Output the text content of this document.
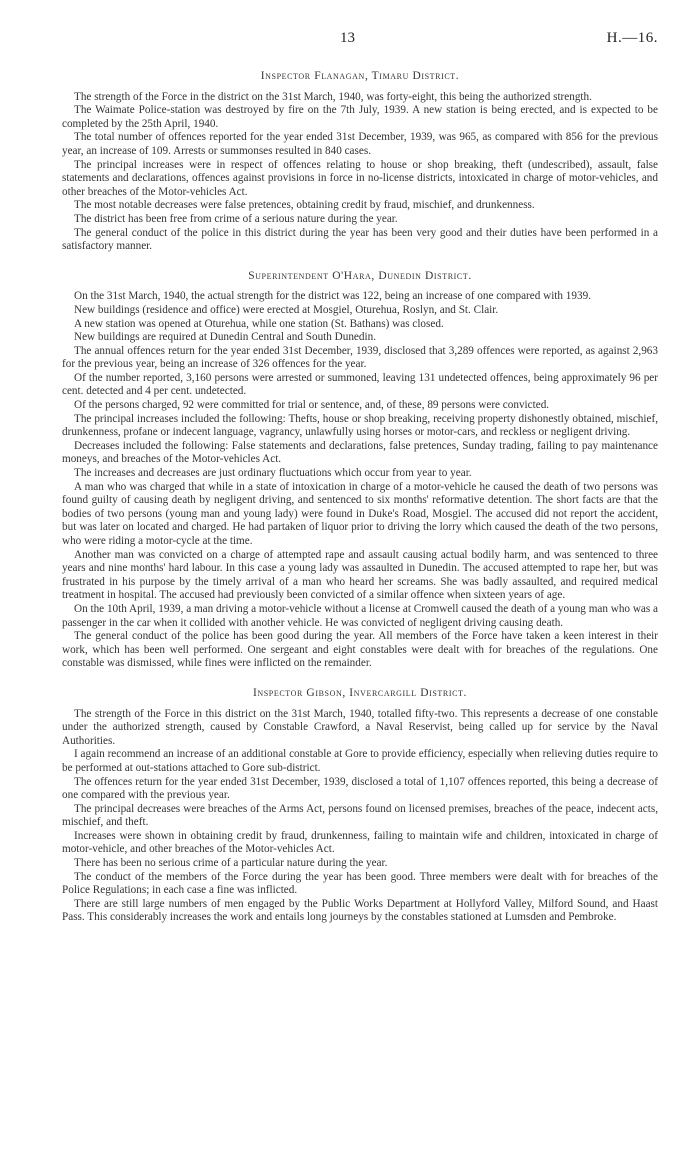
13	H.—16.
Inspector Flanagan, Timaru District.

The strength of the Force in the district on the 31st March, 1940, was forty-eight, this being the authorized strength.

The Waimate Police-station was destroyed by fire on the 7th July, 1939. A new station is being erected, and is expected to be completed by the 25th April, 1940.

The total number of offences reported for the year ended 31st December, 1939, was 965, as compared with 856 for the previous year, an increase of 109. Arrests or summonses resulted in 840 cases.

The principal increases were in respect of offences relating to house or shop breaking, theft (undescribed), assault, false statements and declarations, offences against provisions in force in no-license districts, intoxicated in charge of motor-vehicles, and other breaches of the Motor-vehicles Act.

The most notable decreases were false pretences, obtaining credit by fraud, mischief, and drunkenness.

The district has been free from crime of a serious nature during the year.

The general conduct of the police in this district during the year has been very good and their duties have been performed in a satisfactory manner.

Superintendent O'Hara, Dunedin District.

On the 31st March, 1940, the actual strength for the district was 122, being an increase of one compared with 1939.

New buildings (residence and office) were erected at Mosgiel, Oturehua, Roslyn, and St. Clair.

A new station was opened at Oturehua, while one station (St. Bathans) was closed.

New buildings are required at Dunedin Central and South Dunedin.

The annual offences return for the year ended 31st December, 1939, disclosed that 3,289 offences were reported, as against 2,963 for the previous year, being an increase of 326 offences for the year.

Of the number reported, 3,160 persons were arrested or summoned, leaving 131 undetected offences, being approximately 96 per cent. detected and 4 per cent. undetected.

Of the persons charged, 92 were committed for trial or sentence, and, of these, 89 persons were convicted.

The principal increases included the following: Thefts, house or shop breaking, receiving property dishonestly obtained, mischief, drunkenness, profane or indecent language, vagrancy, unlawfully using horses or motor-cars, and reckless or negligent driving.

Decreases included the following: False statements and declarations, false pretences, Sunday trading, failing to pay maintenance moneys, and breaches of the Motor-vehicles Act.

The increases and decreases are just ordinary fluctuations which occur from year to year.

A man who was charged that while in a state of intoxication in charge of a motor-vehicle he caused the death of two persons was found guilty of causing death by negligent driving, and sentenced to six months' reformative detention. The short facts are that the bodies of two persons (young man and young lady) were found in Duke's Road, Mosgiel. The accused did not report the accident, but was later on located and charged. He had partaken of liquor prior to driving the lorry which caused the death of the two persons, who were riding a motor-cycle at the time.

Another man was convicted on a charge of attempted rape and assault causing actual bodily harm, and was sentenced to three years and nine months' hard labour. In this case a young lady was assaulted in Dunedin. The accused attempted to rape her, but was frustrated in his purpose by the timely arrival of a man who heard her screams. She was badly assaulted, and required medical treatment in hospital. The accused had previously been convicted of a similar offence when sixteen years of age.

On the 10th April, 1939, a man driving a motor-vehicle without a license at Cromwell caused the death of a young man who was a passenger in the car when it collided with another vehicle. He was convicted of negligent driving causing death.

The general conduct of the police has been good during the year. All members of the Force have taken a keen interest in their work, which has been well performed. One sergeant and eight constables were dealt with for breaches of the regulations. One constable was dismissed, while fines were inflicted on the remainder.

Inspector Gibson, Invercargill District.

The strength of the Force in this district on the 31st March, 1940, totalled fifty-two. This represents a decrease of one constable under the authorized strength, caused by Constable Crawford, a Naval Reservist, being called up for service by the Naval Authorities.

I again recommend an increase of an additional constable at Gore to provide efficiency, especially when relieving duties require to be performed at out-stations attached to Gore sub-district.

The offences return for the year ended 31st December, 1939, disclosed a total of 1,107 offences reported, this being a decrease of one compared with the previous year.

The principal decreases were breaches of the Arms Act, persons found on licensed premises, breaches of the peace, indecent acts, mischief, and theft.

Increases were shown in obtaining credit by fraud, drunkenness, failing to maintain wife and children, intoxicated in charge of motor-vehicle, and other breaches of the Motor-vehicles Act.

There has been no serious crime of a particular nature during the year.

The conduct of the members of the Force during the year has been good. Three members were dealt with for breaches of the Police Regulations; in each case a fine was inflicted.

There are still large numbers of men engaged by the Public Works Department at Hollyford Valley, Milford Sound, and Haast Pass. This considerably increases the work and entails long journeys by the constables stationed at Lumsden and Pembroke.
